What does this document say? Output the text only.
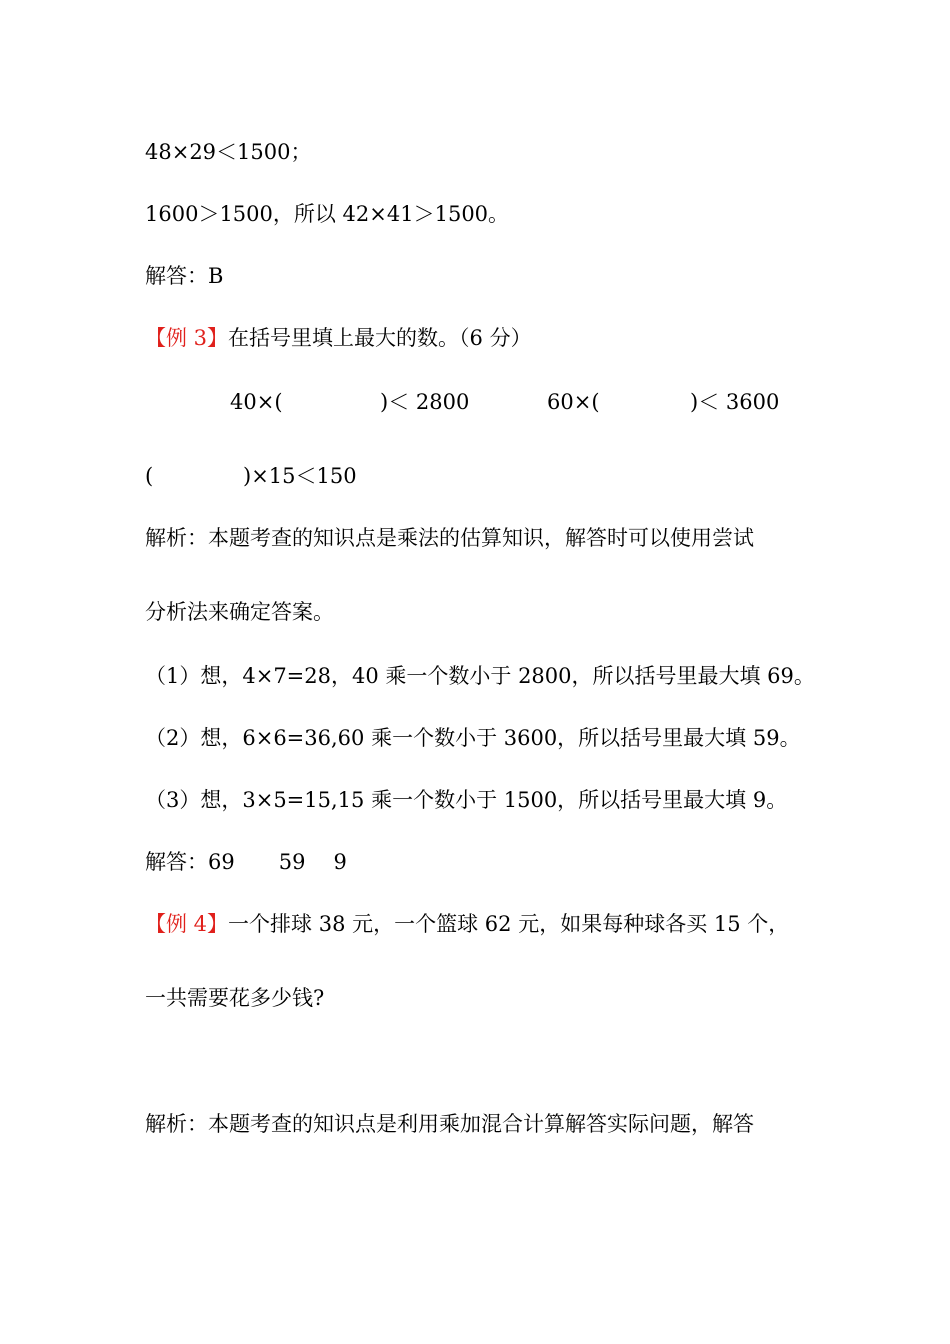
48×29＜1500；
1600＞1500，所以 42×41＞1500。
解答：B
【例 3】在括号里填上最大的数。（6 分）
40×(	)＜ 2800	60×(	)＜ 3600
(	)×15＜150
解析：本题考查的知识点是乘法的估算知识，解答时可以使用尝试
分析法来确定答案。
（1）想，4×7=28，40 乘一个数小于 2800，所以括号里最大填 69。
（2）想，6×6=36,60 乘一个数小于 3600，所以括号里最大填 59。
（3）想，3×5=15,15 乘一个数小于 1500，所以括号里最大填 9。
解答：69 59 9
【例 4】一个排球 38 元，一个篮球 62 元，如果每种球各买 15 个，
一共需要花多少钱?
解析：本题考查的知识点是利用乘加混合计算解答实际问题，解答
